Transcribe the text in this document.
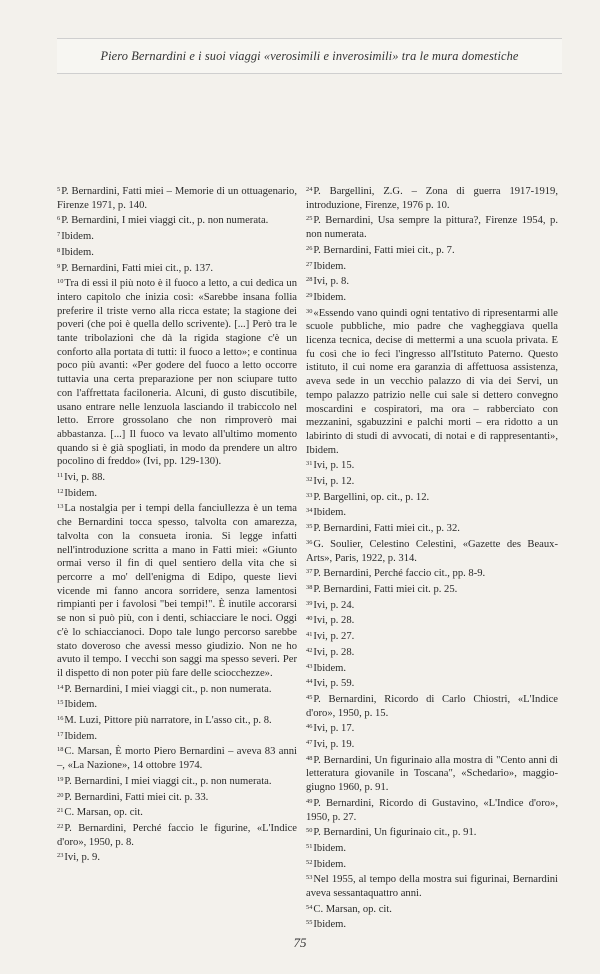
Piero Bernardini e i suoi viaggi «verosimili e inverosimili» tra le mura domestiche

$^5$P. Bernardini, Fatti miei – Memorie di un ottuagenario, Firenze 1971, p. 140.

$^6$P. Bernardini, I miei viaggi cit., p. non numerata.

$^7$Ibidem.

$^8$Ibidem.

$^9$P. Bernardini, Fatti miei cit., p. 137.

$^{10}$Tra di essi il più noto è il fuoco a letto, a cui dedica un intero capitolo che inizia così: «Sarebbe insana follia preferire il triste verno alla ricca estate; la stagione dei poveri (che poi è quella dello scrivente). [...] Però tra le tante tribolazioni che dà la rigida stagione c'è un conforto alla portata di tutti: il fuoco a letto»; e continua poco più avanti: «Per godere del fuoco a letto occorre tuttavia una certa preparazione per non sciupare tutto con l'affrettata faciloneria. Alcuni, di gusto discutibile, usano entrare nelle lenzuola lasciando il trabiccolo nel letto. Errore grossolano che non rimproverò mai abbastanza. [...] Il fuoco va levato all'ultimo momento quando si è già spogliati, in modo da prendere un altro pocolino di freddo» (Ivi, pp. 129-130).

$^{11}$Ivi, p. 88.

$^{12}$Ibidem.

$^{13}$La nostalgia per i tempi della fanciullezza è un tema che Bernardini tocca spesso, talvolta con amarezza, talvolta con la consueta ironia. Si legge infatti nell'introduzione scritta a mano in Fatti miei: «Giunto ormai verso il fin di quel sentiero della vita che si percorre a mo' dell'enigma di Edipo, queste lievi vicende mi fanno ancora sorridere, senza lamentosi rimpianti per i favolosi "bei tempi!". È inutile accorarsi se non si può più, con i denti, schiacciare le noci. Oggi c'è lo schiaccianoci. Dopo tale lungo percorso sarebbe stato doveroso che avessi messo giudizio. Non ne ho avuto il tempo. I vecchi son saggi ma spesso severi. Per il dispetto di non poter più fare delle sciocchezze».

$^{14}$P. Bernardini, I miei viaggi cit., p. non numerata.

$^{15}$Ibidem.

$^{16}$M. Luzi, Pittore più narratore, in L'asso cit., p. 8.

$^{17}$Ibidem.

$^{18}$C. Marsan, È morto Piero Bernardini – aveva 83 anni –, «La Nazione», 14 ottobre 1974.

$^{19}$P. Bernardini, I miei viaggi cit., p. non numerata.

$^{20}$P. Bernardini, Fatti miei cit. p. 33.

$^{21}$C. Marsan, op. cit.

$^{22}$P. Bernardini, Perché faccio le figurine, «L'Indice d'oro», 1950, p. 8.

$^{23}$Ivi, p. 9.

$^{24}$P. Bargellini, Z.G. – Zona di guerra 1917-1919, introduzione, Firenze, 1976 p. 10.

$^{25}$P. Bernardini, Usa sempre la pittura?, Firenze 1954, p. non numerata.

$^{26}$P. Bernardini, Fatti miei cit., p. 7.

$^{27}$Ibidem.

$^{28}$Ivi, p. 8.

$^{29}$Ibidem.

$^{30}$«Essendo vano quindi ogni tentativo di ripresentarmi alle scuole pubbliche, mio padre che vagheggiava quella licenza tecnica, decise di mettermi a una scuola privata. E fu così che io feci l'ingresso all'Istituto Paterno. Questo istituto, il cui nome era garanzia di affettuosa assistenza, aveva sede in un vecchio palazzo di via dei Servi, un tempo palazzo patrizio nelle cui sale si dettero convegno moscardini e cospiratori, ma ora – rabberciato con mezzanini, sgabuzzini e palchi morti – era ridotto a un labirinto di studi di avvocati, di notai e di rappresentanti», Ibidem.

$^{31}$Ivi, p. 15.

$^{32}$Ivi, p. 12.

$^{33}$P. Bargellini, op. cit., p. 12.

$^{34}$Ibidem.

$^{35}$P. Bernardini, Fatti miei cit., p. 32.

$^{36}$G. Soulier, Celestino Celestini, «Gazette des Beaux-Arts», Paris, 1922, p. 314.

$^{37}$P. Bernardini, Perché faccio cit., pp. 8-9.

$^{38}$P. Bernardini, Fatti miei cit. p. 25.

$^{39}$Ivi, p. 24.

$^{40}$Ivi, p. 28.

$^{41}$Ivi, p. 27.

$^{42}$Ivi, p. 28.

$^{43}$Ibidem.

$^{44}$Ivi, p. 59.

$^{45}$P. Bernardini, Ricordo di Carlo Chiostri, «L'Indice d'oro», 1950, p. 15.

$^{46}$Ivi, p. 17.

$^{47}$Ivi, p. 19.

$^{48}$P. Bernardini, Un figurinaio alla mostra di "Cento anni di letteratura giovanile in Toscana", «Schedario», maggio-giugno 1960, p. 91.

$^{49}$P. Bernardini, Ricordo di Gustavino, «L'Indice d'oro», 1950, p. 27.

$^{50}$P. Bernardini, Un figurinaio cit., p. 91.

$^{51}$Ibidem.

$^{52}$Ibidem.

$^{53}$Nel 1955, al tempo della mostra sui figurinai, Bernardini aveva sessantaquattro anni.

$^{54}$C. Marsan, op. cit.

$^{55}$Ibidem.

75
